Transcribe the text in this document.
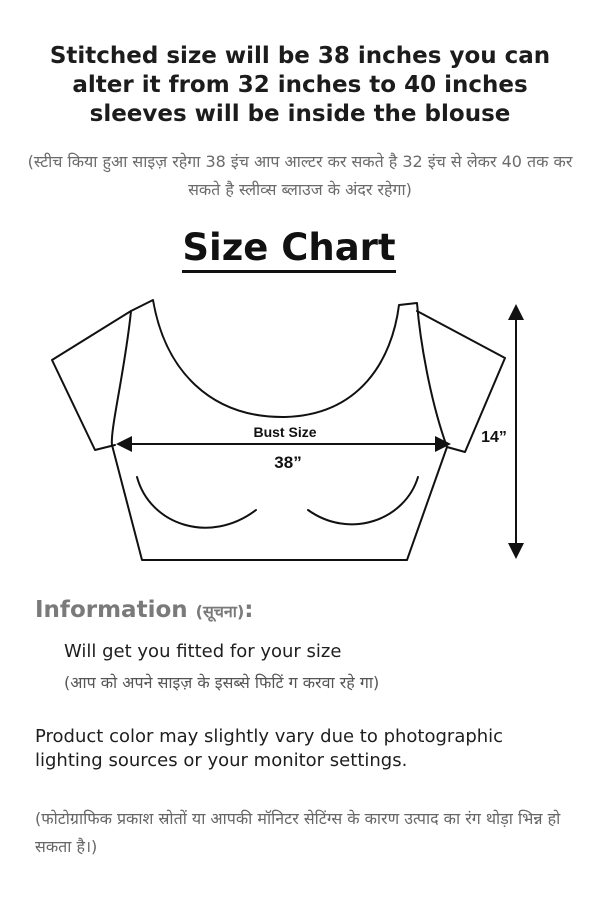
Stitched size will be 38 inches you can alter it from 32 inches to 40 inches sleeves will be inside the blouse
(स्टीच किया हुआ साइज़ रहेगा 38 इंच आप आल्टर कर सकते है 32 इंच से लेकर 40 तक कर सकते है स्लीव्स ब्लाउज के अंदर रहेगा)
Size Chart
Bust Size
38”
14”
Information (सूचना):
Will get you fitted for your size
(आप को अपने साइज़ के इसब्से फिटिं ग करवा रहे गा)
Product color may slightly vary due to photographic lighting sources or your monitor settings.
(फोटोग्राफिक प्रकाश स्रोतों या आपकी मॉनिटर सेटिंग्स के कारण उत्पाद का रंग थोड़ा भिन्न हो सकता है।)
